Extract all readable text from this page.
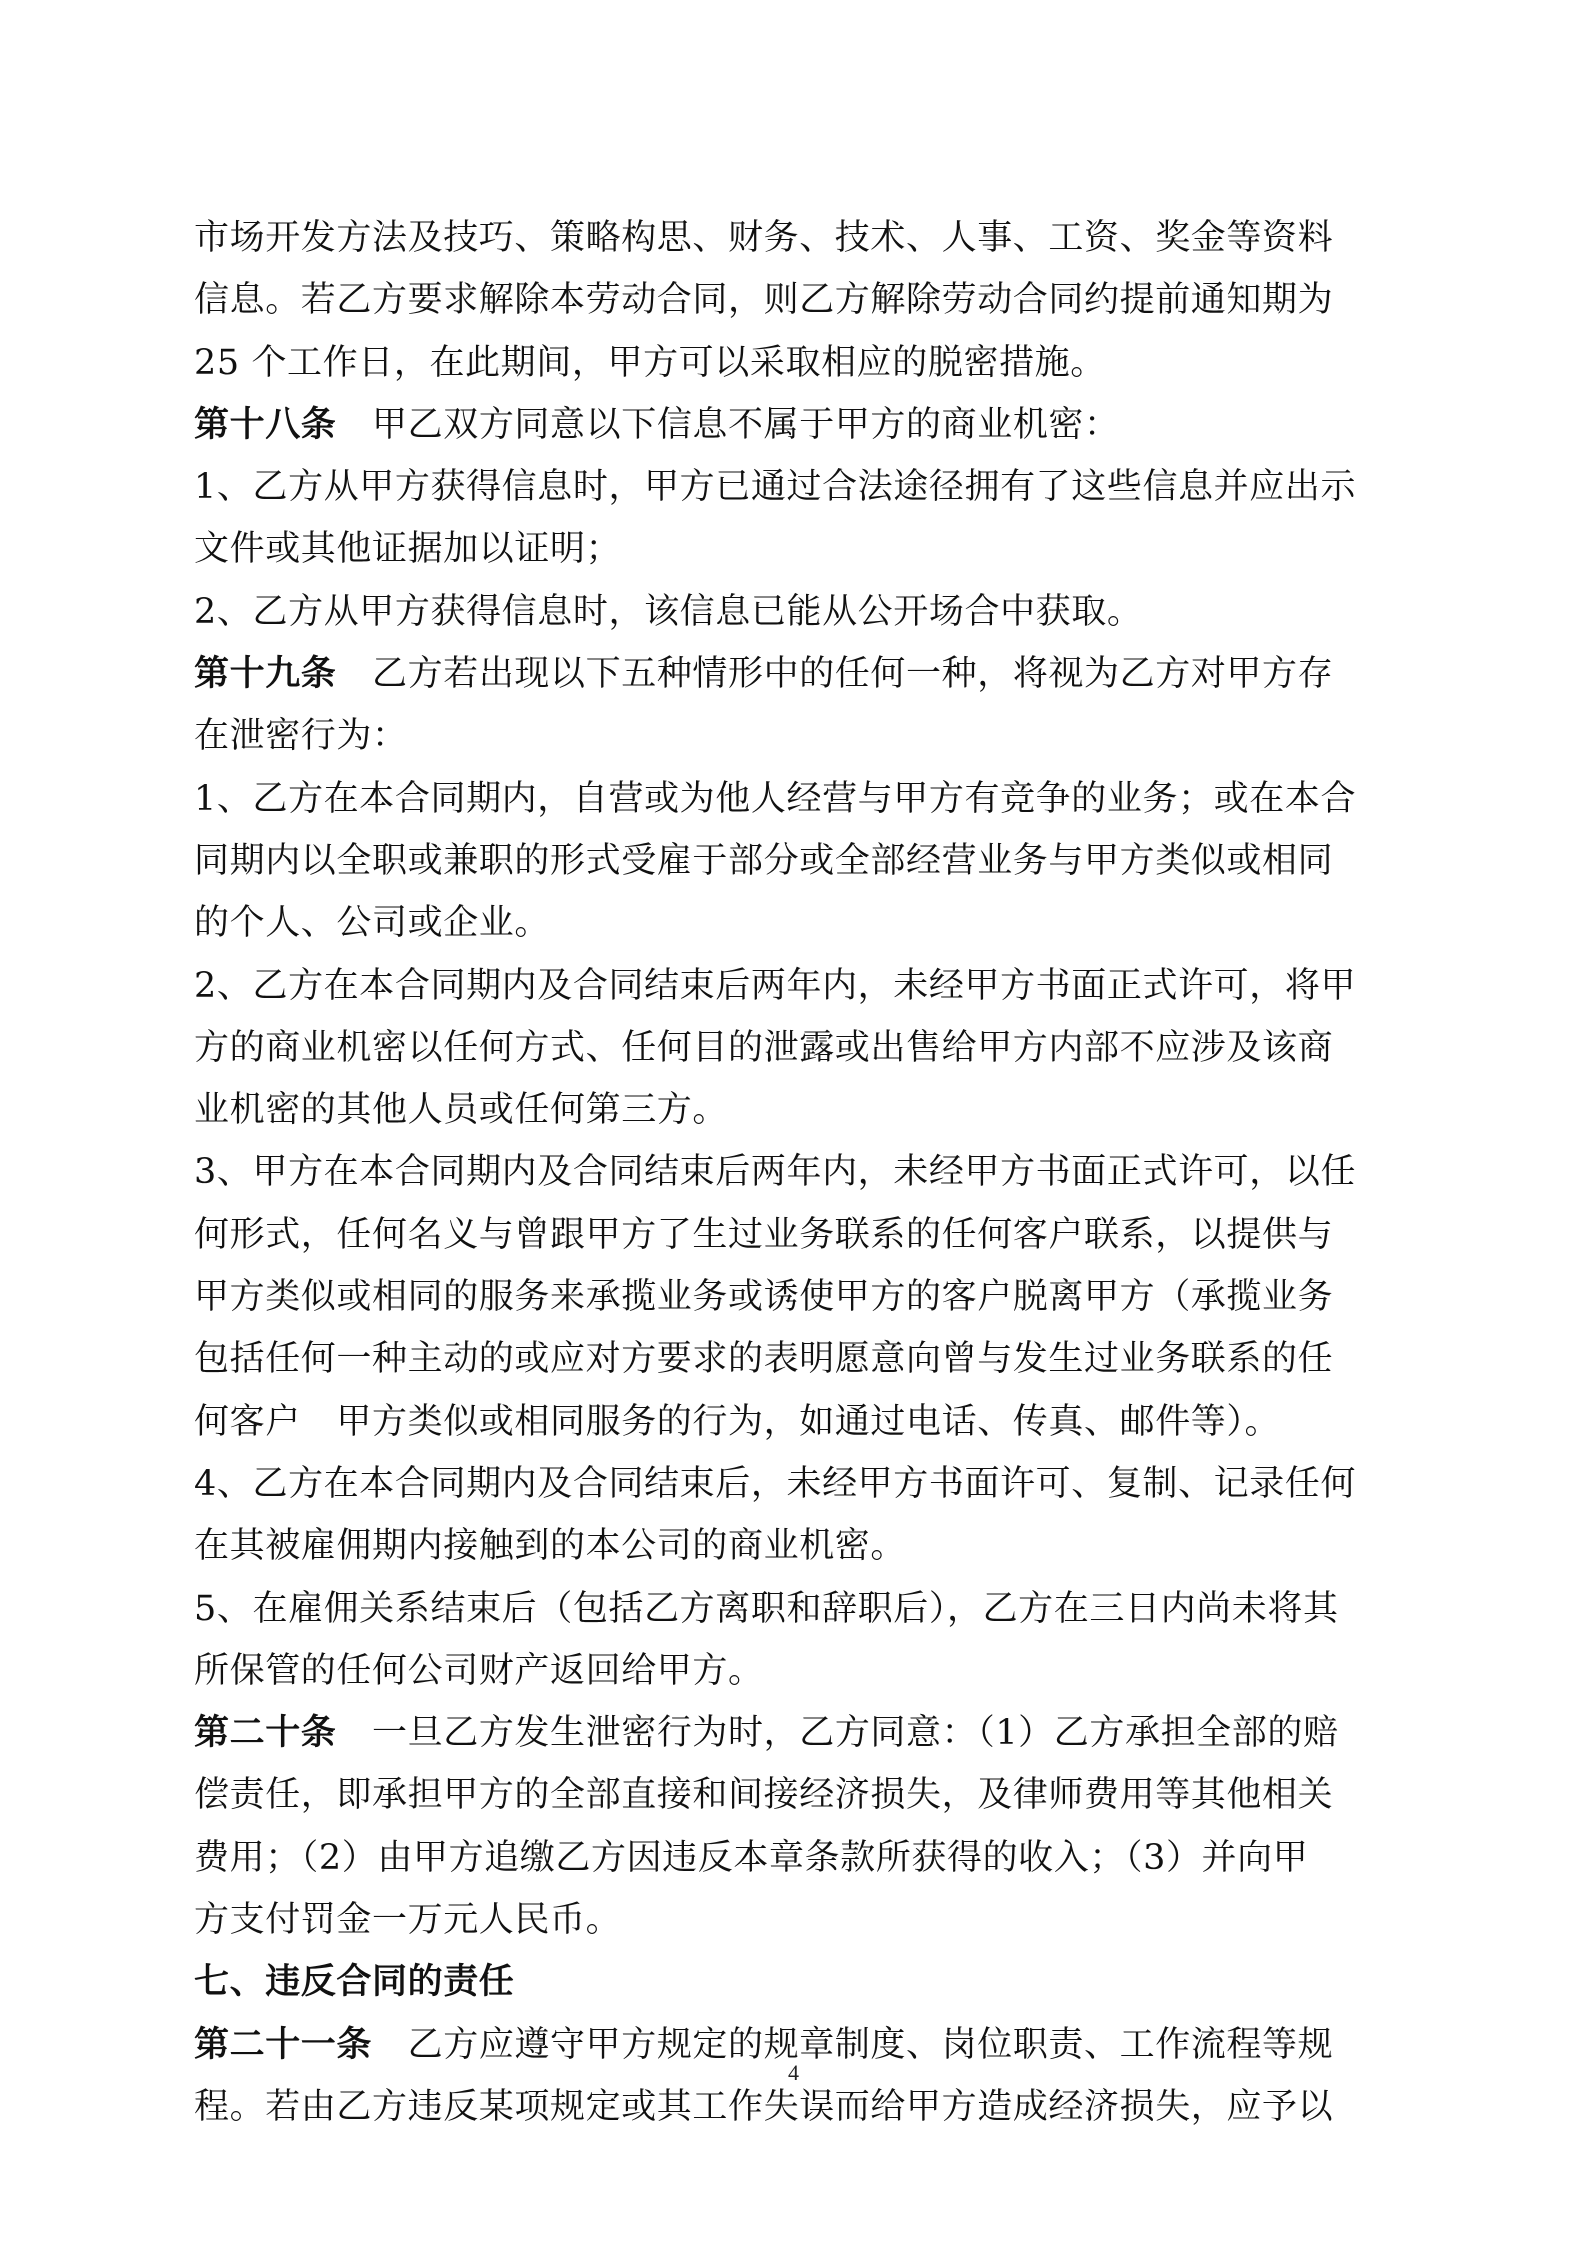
市场开发方法及技巧、策略构思、财务、技术、人事、工资、奖金等资料
信息。若乙方要求解除本劳动合同，则乙方解除劳动合同约提前通知期为
25 个工作日，在此期间，甲方可以采取相应的脱密措施。
第十八条　 甲乙双方同意以下信息不属于甲方的商业机密：
1、乙方从甲方获得信息时，甲方已通过合法途径拥有了这些信息并应出示
文件或其他证据加以证明；
2、乙方从甲方获得信息时，该信息已能从公开场合中获取。
第十九条　 乙方若出现以下五种情形中的任何一种，将视为乙方对甲方存
在泄密行为：
1、乙方在本合同期内，自营或为他人经营与甲方有竞争的业务；或在本合
同期内以全职或兼职的形式受雇于部分或全部经营业务与甲方类似或相同
的个人、公司或企业。
2、乙方在本合同期内及合同结束后两年内，未经甲方书面正式许可，将甲
方的商业机密以任何方式、任何目的泄露或出售给甲方内部不应涉及该商
业机密的其他人员或任何第三方。
3、甲方在本合同期内及合同结束后两年内，未经甲方书面正式许可，以任
何形式，任何名义与曾跟甲方了生过业务联系的任何客户联系，以提供与
甲方类似或相同的服务来承揽业务或诱使甲方的客户脱离甲方（承揽业务
包括任何一种主动的或应对方要求的表明愿意向曾与发生过业务联系的任
何客户　甲方类似或相同服务的行为，如通过电话、传真、邮件等）。
4、乙方在本合同期内及合同结束后，未经甲方书面许可、复制、记录任何
在其被雇佣期内接触到的本公司的商业机密。
5、在雇佣关系结束后（包括乙方离职和辞职后），乙方在三日内尚未将其
所保管的任何公司财产返回给甲方。
第二十条　 一旦乙方发生泄密行为时，乙方同意：（1）乙方承担全部的赔
偿责任，即承担甲方的全部直接和间接经济损失，及律师费用等其他相关
费用；（2）由甲方追缴乙方因违反本章条款所获得的收入；（3）并向甲
方支付罚金一万元人民币。
七、违反合同的责任
第二十一条　 乙方应遵守甲方规定的规章制度、岗位职责、工作流程等规
程。若由乙方违反某项规定或其工作失误而给甲方造成经济损失，应予以
4
